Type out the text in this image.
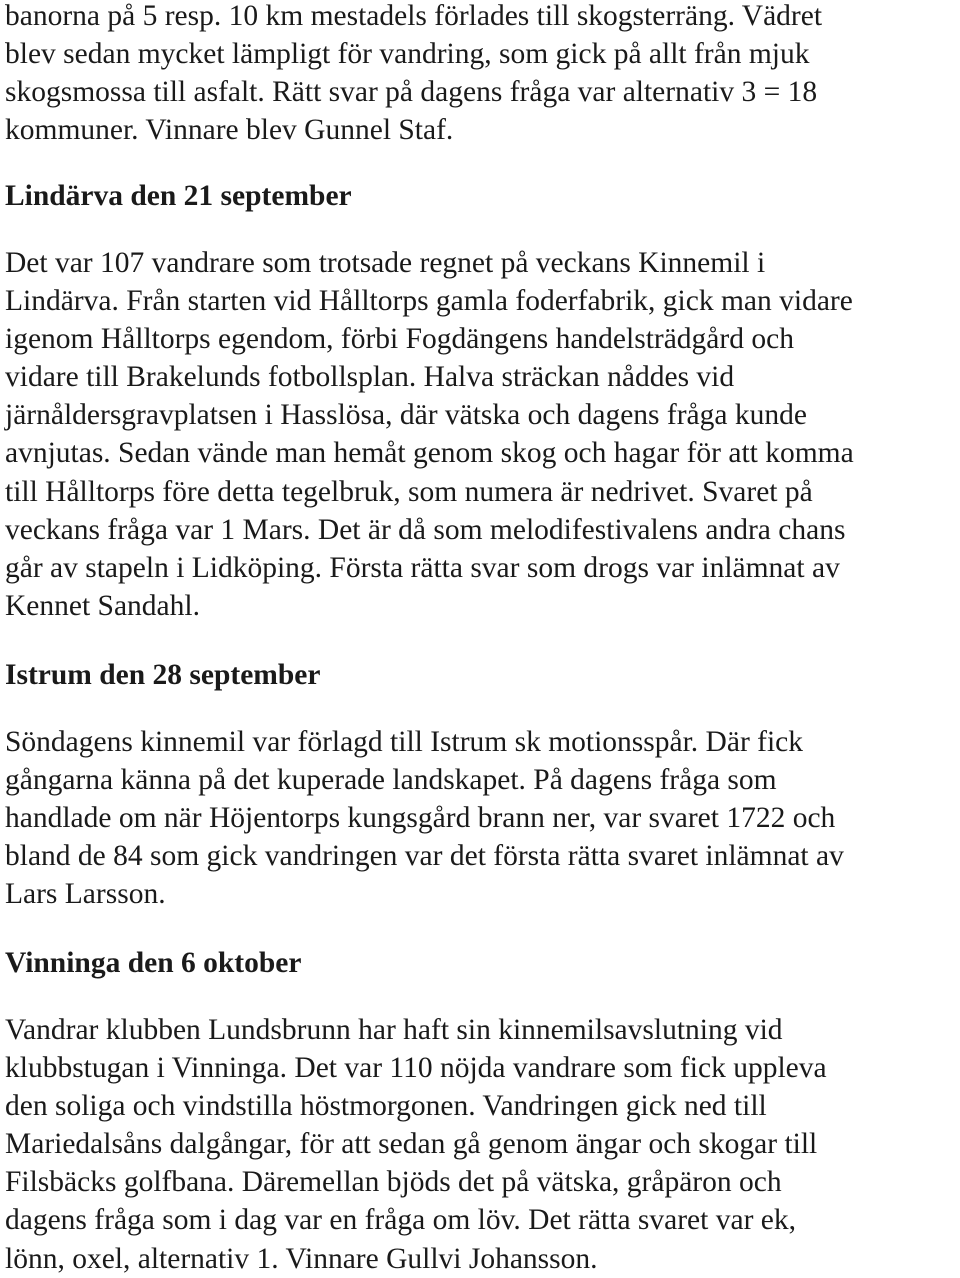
banorna på 5 resp. 10 km mestadels förlades till skogsterräng. Vädret
blev sedan mycket lämpligt för vandring, som gick på allt från mjuk
skogsmossa till asfalt. Rätt svar på dagens fråga var alternativ 3 = 18
kommuner. Vinnare blev Gunnel Staf.
Lindärva den 21 september
Det var 107 vandrare som trotsade regnet på veckans Kinnemil i
Lindärva. Från starten vid Hålltorps gamla foderfabrik, gick man vidare
igenom Hålltorps egendom, förbi Fogdängens handelsträdgård och
vidare till Brakelunds fotbollsplan. Halva sträckan nåddes vid
järnåldersgravplatsen i Hasslösa, där vätska och dagens fråga kunde
avnjutas. Sedan vände man hemåt genom skog och hagar för att komma
till Hålltorps före detta tegelbruk, som numera är nedrivet. Svaret på
veckans fråga var 1 Mars. Det är då som melodifestivalens andra chans
går av stapeln i Lidköping. Första rätta svar som drogs var inlämnat av
Kennet Sandahl.
Istrum den 28 september
Söndagens kinnemil var förlagd till Istrum sk motionsspår. Där fick
gångarna känna på det kuperade landskapet. På dagens fråga som
handlade om när Höjentorps kungsgård brann ner, var svaret 1722 och
bland de 84 som gick vandringen var det första rätta svaret inlämnat av
Lars Larsson.
Vinninga den 6 oktober
Vandrar klubben Lundsbrunn har haft sin kinnemilsavslutning vid
klubbstugan i Vinninga. Det var 110 nöjda vandrare som fick uppleva
den soliga och vindstilla höstmorgonen. Vandringen gick ned till
Mariedalsåns dalgångar, för att sedan gå genom ängar och skogar till
Filsbäcks golfbana. Däremellan bjöds det på vätska, gråpäron och
dagens fråga som i dag var en fråga om löv. Det rätta svaret var ek,
lönn, oxel, alternativ 1. Vinnare Gullvi Johansson.
